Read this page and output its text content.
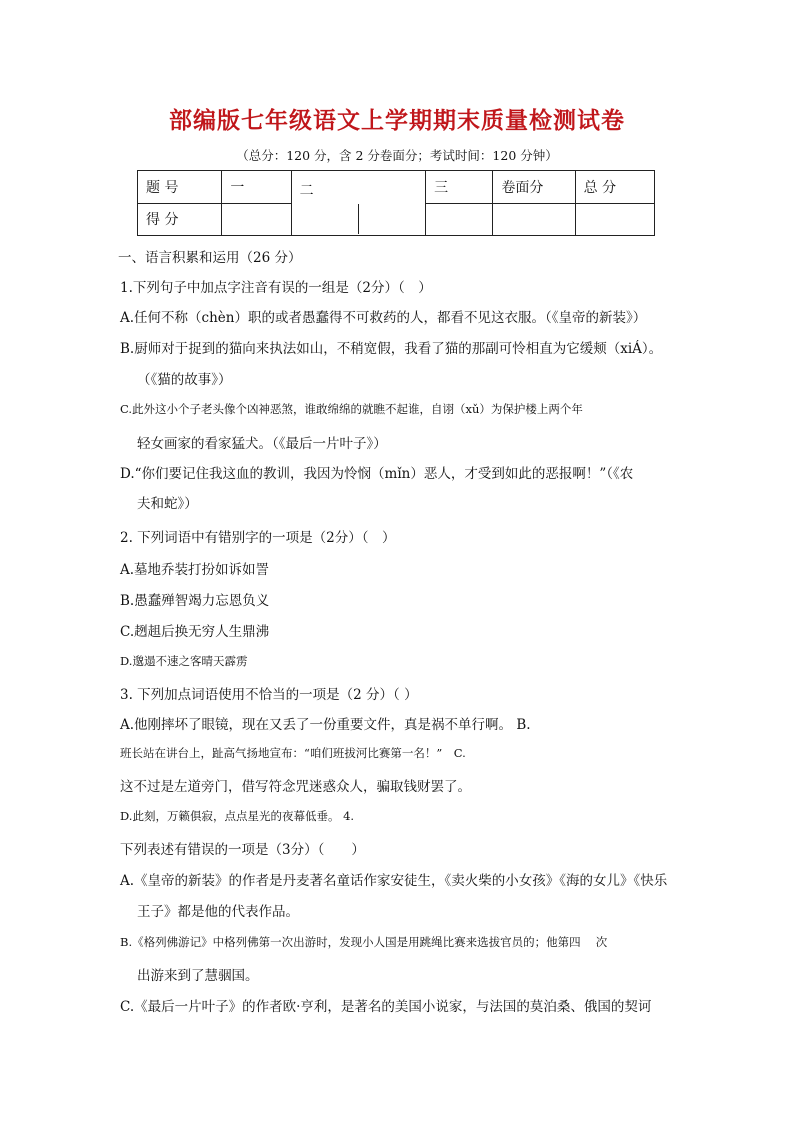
部编版七年级语文上学期期末质量检测试卷
（总分：120 分，含 2 分卷面分；考试时间：120 分钟）
题 号	一	二	三	卷面分	总 分
得 分					
一、语言积累和运用（26 分）
1.下列句子中加点字注音有误的一组是（2分）（　）
A.任何不称（chèn）职的或者愚蠢得不可救药的人，都看不见这衣服。（《皇帝的新装》）
B.厨师对于捉到的猫向来执法如山，不稍宽假，我看了猫的那副可怜相直为它缓颊（xiÁ）。
（《猫的故事》）
C.此外这小个子老头像个凶神恶煞，谁敢绵绵的就瞧不起谁，自诩（xǔ）为保护楼上两个年
轻女画家的看家猛犬。（《最后一片叶子》）
D.“你们要记住我这血的教训，我因为怜悯（mǐn）恶人，才受到如此的恶报啊！”（《农
夫和蛇》）
2. 下列词语中有错别字的一项是（2分）（　）
A.墓地乔装打扮如诉如詈
B.愚蠢殚智竭力忘恩负义
C.趔趄后换无穷人生鼎沸
D.邈遢不速之客晴天霹雳
3. 下列加点词语使用不恰当的一项是（2 分）（ ）
A.他刚摔坏了眼镜，现在又丢了一份重要文件，真是祸不单行啊。 B.
班长站在讲台上，趾高气扬地宣布：“咱们班拔河比赛第一名！”　C.
这不过是左道旁门，借写符念咒迷惑众人，骗取钱财罢了。
D.此刻，万籁俱寂，点点星光的夜幕低垂。 4.
下列表述有错误的一项是（3分）（　　）
A.《皇帝的新装》的作者是丹麦著名童话作家安徒生，《卖火柴的小女孩》《海的女儿》《快乐
王子》都是他的代表作品。
B.《格列佛游记》中格列佛第一次出游时，发现小人国是用跳绳比赛来选拔官员的；他第四　 次
出游来到了慧骃国。
C.《最后一片叶子》的作者欧·亨利，是著名的美国小说家，与法国的莫泊桑、俄国的契诃
